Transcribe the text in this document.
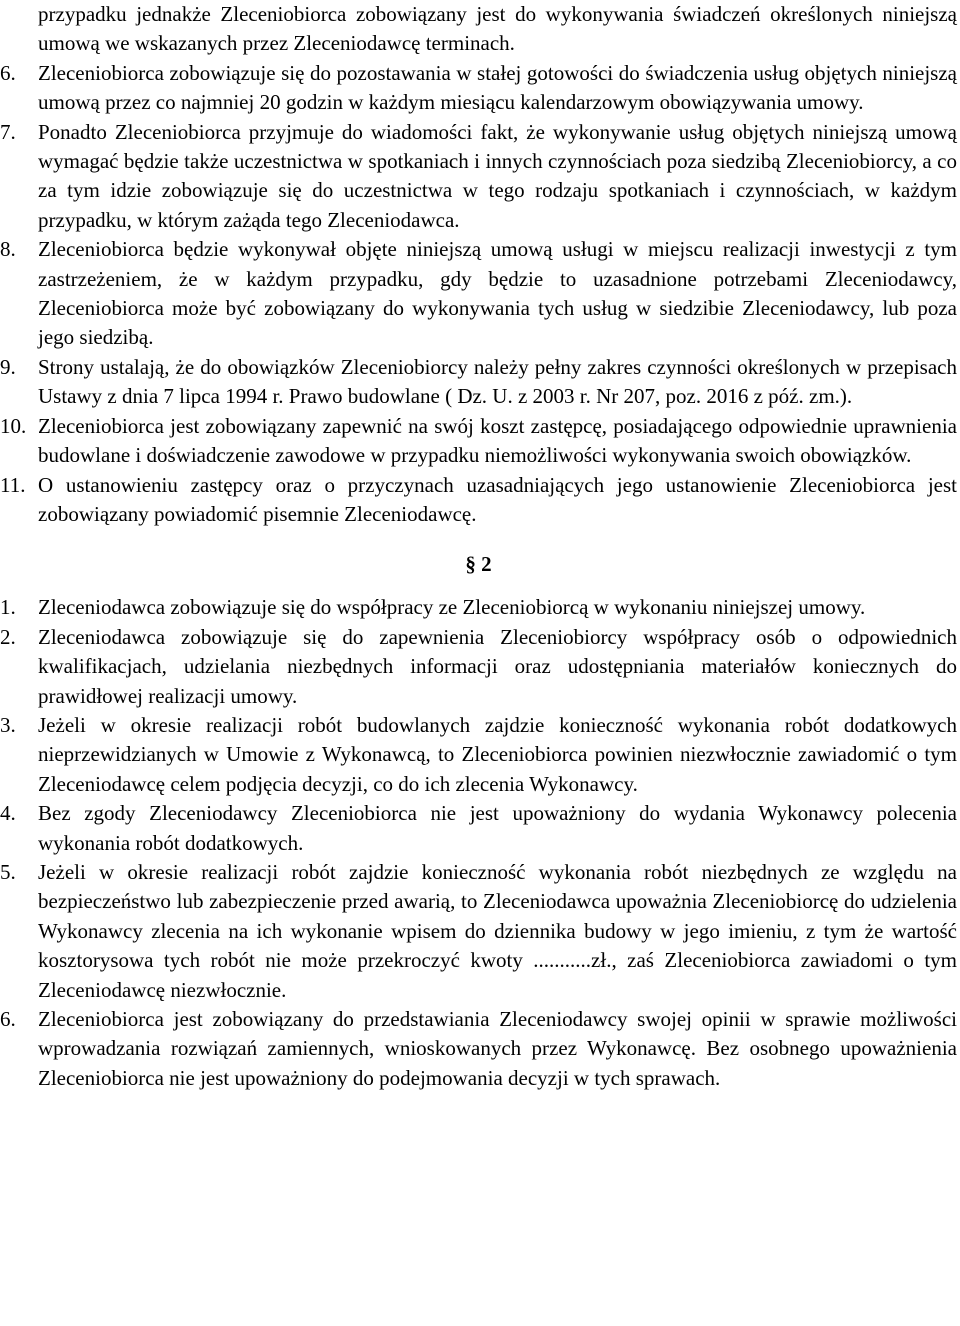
przypadku jednakże Zleceniobiorca zobowiązany jest do wykonywania świadczeń określonych niniejszą umową we wskazanych przez Zleceniodawcę terminach.

6.	Zleceniobiorca zobowiązuje się do pozostawania w stałej gotowości do świadczenia usług objętych niniejszą umową przez co najmniej 20 godzin w każdym miesiącu kalendarzowym obowiązywania umowy.
7.	Ponadto Zleceniobiorca przyjmuje do wiadomości fakt, że wykonywanie usług objętych niniejszą umową wymagać będzie także uczestnictwa w spotkaniach i innych czynnościach poza siedzibą Zleceniobiorcy, a co za tym idzie zobowiązuje się do uczestnictwa w tego rodzaju spotkaniach i czynnościach, w każdym przypadku, w którym zażąda tego Zleceniodawca.
8.	Zleceniobiorca będzie wykonywał objęte niniejszą umową usługi w miejscu realizacji inwestycji z tym zastrzeżeniem, że w każdym przypadku, gdy będzie to uzasadnione potrzebami Zleceniodawcy, Zleceniobiorca może być zobowiązany do wykonywania tych usług w siedzibie Zleceniodawcy, lub poza jego siedzibą.
9.	Strony ustalają, że do obowiązków Zleceniobiorcy należy pełny zakres czynności określonych w przepisach Ustawy z dnia 7 lipca 1994 r. Prawo budowlane ( Dz. U. z 2003 r. Nr 207, poz. 2016 z póź. zm.).
10. Zleceniobiorca jest zobowiązany zapewnić na swój koszt zastępcę, posiadającego odpowiednie uprawnienia budowlane i doświadczenie zawodowe w przypadku niemożliwości wykonywania swoich obowiązków.
11. O ustanowieniu zastępcy oraz o przyczynach uzasadniających jego ustanowienie Zleceniobiorca jest zobowiązany powiadomić pisemnie Zleceniodawcę.
§ 2
1.	Zleceniodawca zobowiązuje się do współpracy ze Zleceniobiorcą w wykonaniu niniejszej umowy.
2.	Zleceniodawca zobowiązuje się do zapewnienia Zleceniobiorcy współpracy osób o odpowiednich kwalifikacjach, udzielania niezbędnych informacji oraz udostępniania materiałów koniecznych do prawidłowej realizacji umowy.
3.	Jeżeli w okresie realizacji robót budowlanych zajdzie konieczność wykonania robót dodatkowych nieprzewidzianych w Umowie z Wykonawcą, to Zleceniobiorca powinien niezwłocznie zawiadomić o tym Zleceniodawcę celem podjęcia decyzji, co do ich zlecenia Wykonawcy.
4.	Bez zgody Zleceniodawcy Zleceniobiorca nie jest upoważniony do wydania Wykonawcy polecenia wykonania robót dodatkowych.
5.	Jeżeli w okresie realizacji robót zajdzie konieczność wykonania robót niezbędnych ze względu na bezpieczeństwo lub zabezpieczenie przed awarią, to Zleceniodawca upoważnia Zleceniobiorcę do udzielenia Wykonawcy zlecenia na ich wykonanie wpisem do dziennika budowy w jego imieniu, z tym że wartość kosztorysowa tych robót nie może przekroczyć kwoty ...........zł., zaś Zleceniobiorca zawiadomi o tym Zleceniodawcę niezwłocznie.
6.	Zleceniobiorca jest zobowiązany do przedstawiania Zleceniodawcy swojej opinii w sprawie możliwości wprowadzania rozwiązań zamiennych, wnioskowanych przez Wykonawcę. Bez osobnego upoważnienia Zleceniobiorca nie jest upoważniony do podejmowania decyzji w tych sprawach.
